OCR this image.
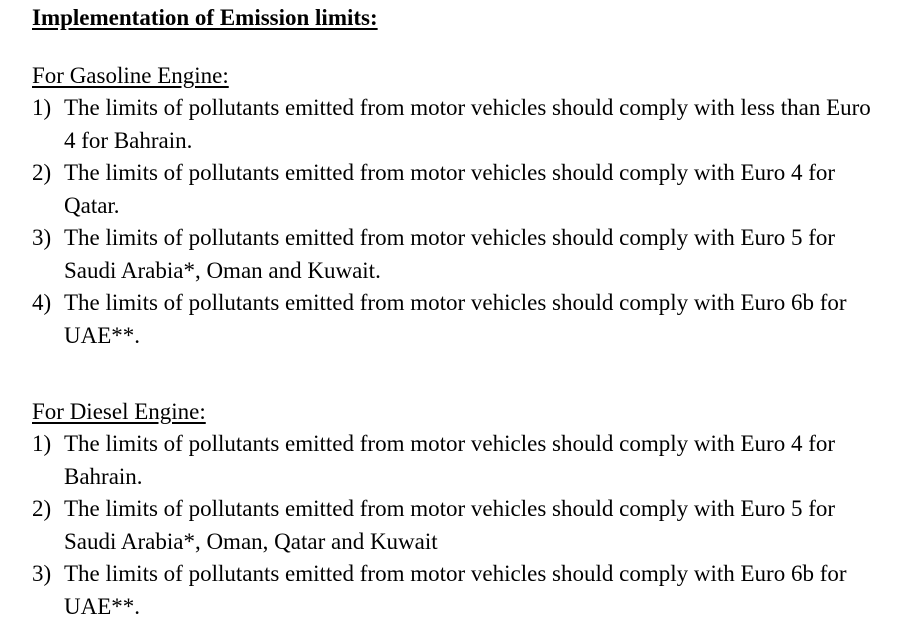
Implementation of Emission limits:
For Gasoline Engine:
1) The limits of pollutants emitted from motor vehicles should comply with less than Euro 4 for Bahrain.
2) The limits of pollutants emitted from motor vehicles should comply with Euro 4 for Qatar.
3) The limits of pollutants emitted from motor vehicles should comply with Euro 5 for Saudi Arabia*, Oman and Kuwait.
4) The limits of pollutants emitted from motor vehicles should comply with Euro 6b for UAE**.
For Diesel Engine:
1) The limits of pollutants emitted from motor vehicles should comply with Euro 4 for Bahrain.
2) The limits of pollutants emitted from motor vehicles should comply with Euro 5 for Saudi Arabia*, Oman, Qatar and Kuwait
3) The limits of pollutants emitted from motor vehicles should comply with Euro 6b for UAE**.
